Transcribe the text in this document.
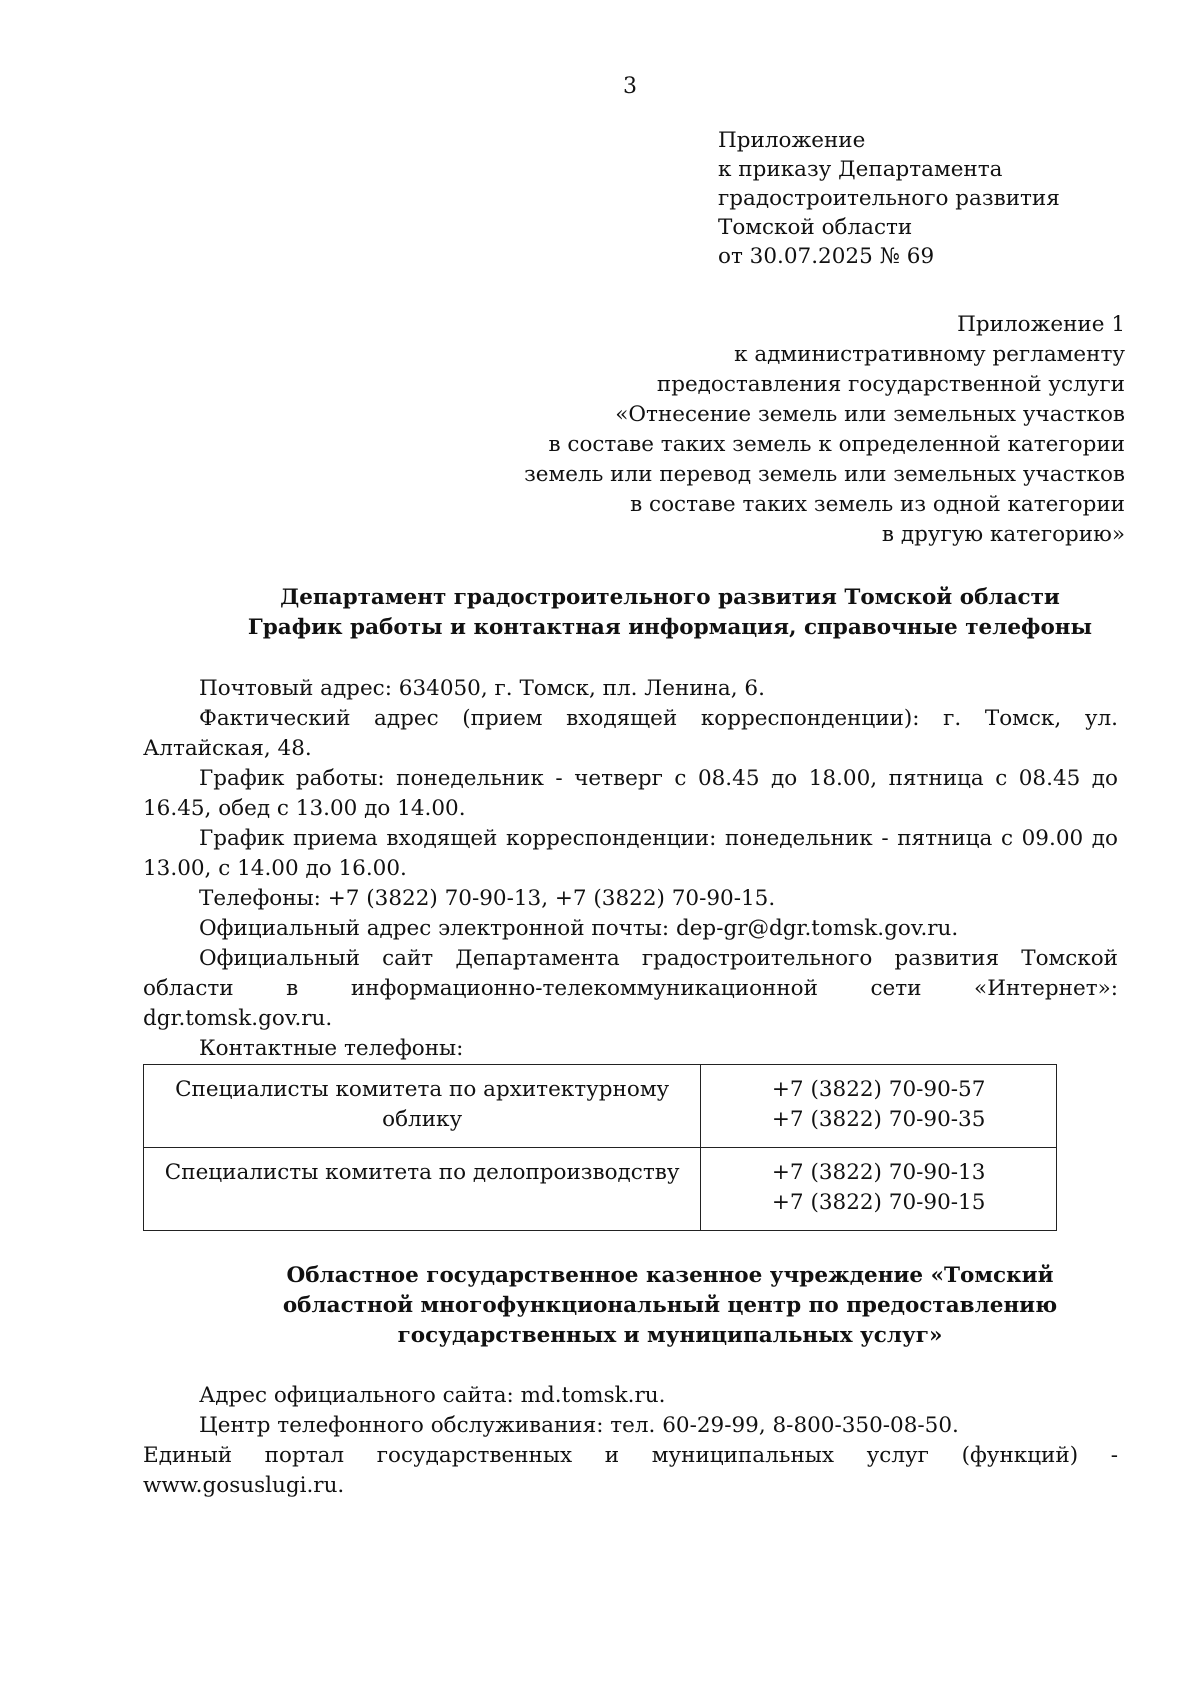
3
Приложение
к приказу Департамента
градостроительного развития
Томской области
от 30.07.2025 № 69
Приложение 1
к административному регламенту
предоставления государственной услуги
«Отнесение земель или земельных участков
в составе таких земель к определенной категории
земель или перевод земель или земельных участков
в составе таких земель из одной категории
в другую категорию»
Департамент градостроительного развития Томской области
График работы и контактная информация, справочные телефоны

Почтовый адрес: 634050, г. Томск, пл. Ленина, 6.

Фактический адрес (прием входящей корреспонденции): г. Томск, ул. Алтайская, 48.

График работы: понедельник - четверг с 08.45 до 18.00, пятница с 08.45 до 16.45, обед с 13.00 до 14.00.

График приема входящей корреспонденции: понедельник - пятница с 09.00 до 13.00, с 14.00 до 16.00.

Телефоны: +7 (3822) 70-90-13, +7 (3822) 70-90-15.

Официальный адрес электронной почты: dep-gr@dgr.tomsk.gov.ru.

Официальный сайт Департамента градостроительного развития Томской области в информационно-телекоммуникационной сети «Интернет»: dgr.tomsk.gov.ru.

Контактные телефоны:

Специалисты комитета по архитектурному облику	+7 (3822) 70-90-57
+7 (3822) 70-90-35

Специалисты комитета по делопроизводству	+7 (3822) 70-90-13
+7 (3822) 70-90-15
Областное государственное казенное учреждение «Томский
областной многофункциональный центр по предоставлению
государственных и муниципальных услуг»

Адрес официального сайта: md.tomsk.ru.

Центр телефонного обслуживания: тел. 60-29-99, 8-800-350-08-50.

Единый портал государственных и муниципальных услуг (функций) - www.gosuslugi.ru.
